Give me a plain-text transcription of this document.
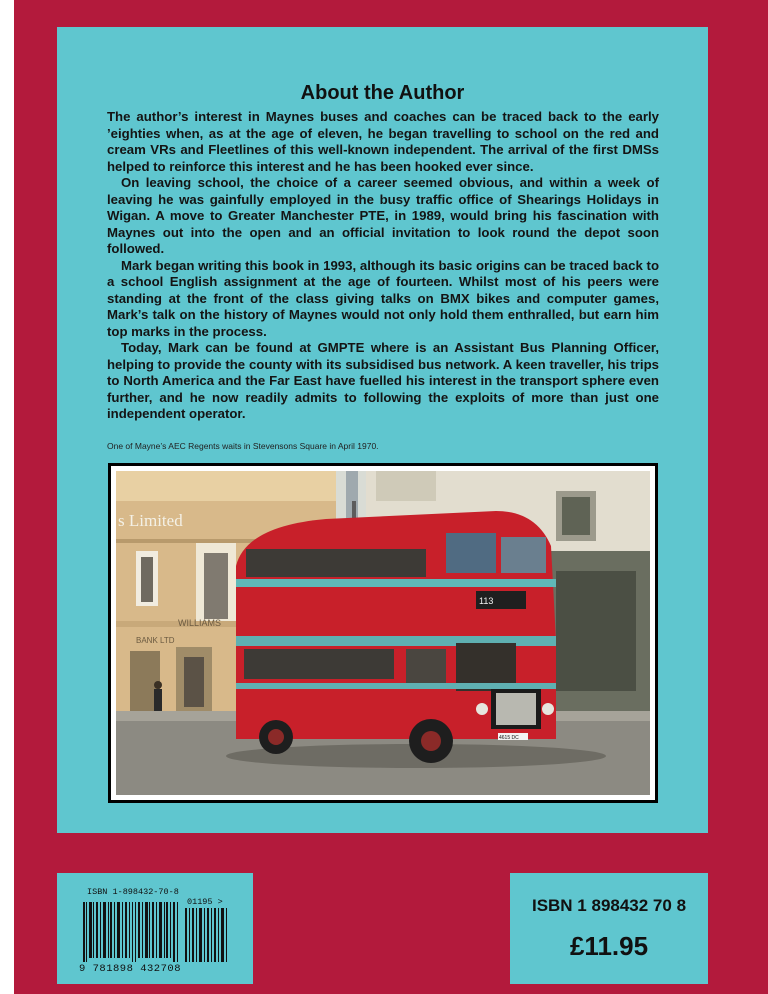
About the Author

The author’s interest in Maynes buses and coaches can be traced back to the early ’eighties when, as at the age of eleven, he began travelling to school on the red and cream VRs and Fleetlines of this well-known independent. The arrival of the first DMSs helped to reinforce this interest and he has been hooked ever since.

On leaving school, the choice of a career seemed obvious, and within a week of leaving he was gainfully employed in the busy traffic office of Shearings Holidays in Wigan. A move to Greater Manchester PTE, in 1989, would bring his fascination with Maynes out into the open and an official invitation to look round the depot soon followed.

Mark began writing this book in 1993, although its basic origins can be traced back to a school English assignment at the age of fourteen. Whilst most of his peers were standing at the front of the class giving talks on BMX bikes and computer games, Mark’s talk on the history of Maynes would not only hold them enthralled, but earn him top marks in the process.

Today, Mark can be found at GMPTE where is an Assistant Bus Planning Officer, helping to provide the county with its subsidised bus network. A keen traveller, his trips to North America and the Far East have fuelled his interest in the transport sphere even further, and he now readily admits to following the exploits of more than just one independent operator.

One of Mayne’s AEC Regents waits in Stevensons Square in April 1970.
s Limited
BANK LTD
WILLIAMS
113
4615 DC
ISBN 1-898432-70-8
01195 >
9 781898 432708
ISBN 1 898432 70 8
£11.95
